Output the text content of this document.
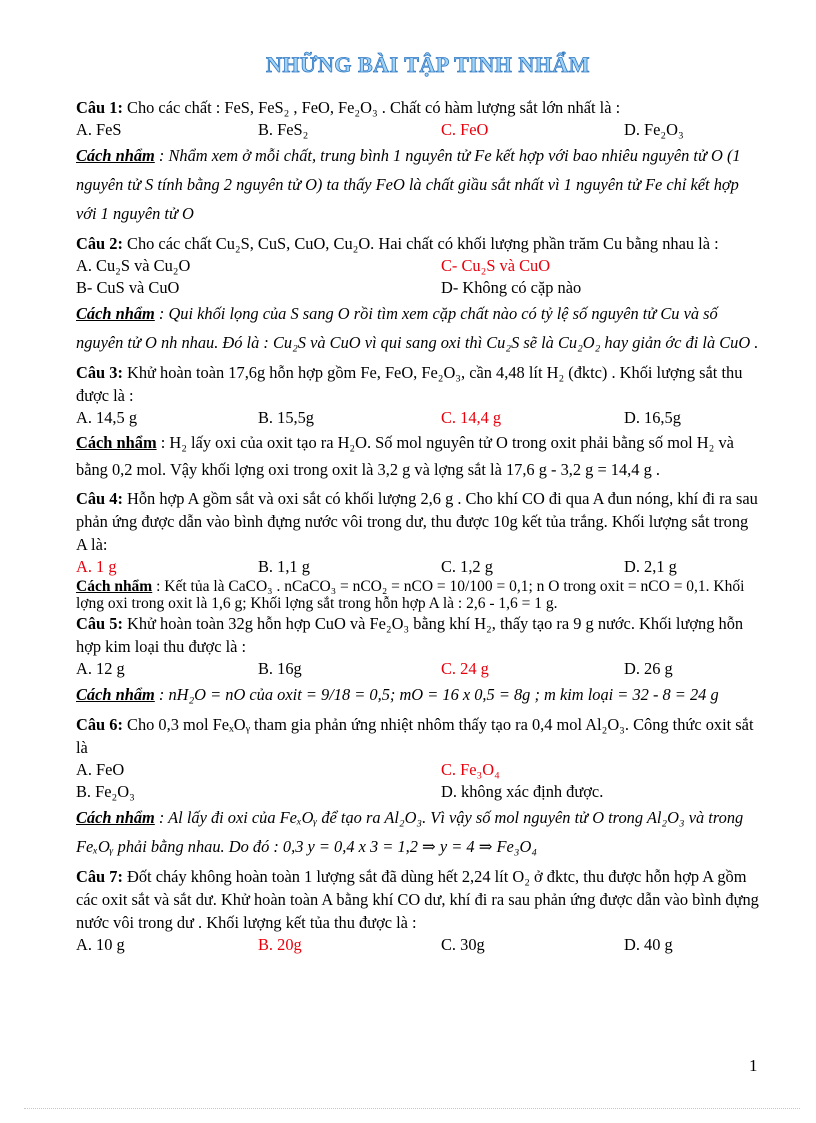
NHỮNG BÀI TẬP TINH NHẨM
Câu 1: Cho các chất : FeS, FeS₂ , FeO, Fe₂O₃ . Chất có hàm lượng sắt lớn nhất là :
A. FeS	B. FeS₂	C. FeO	D. Fe₂O₃
Cách nhẩm : Nhẩm xem ở mỗi chất, trung bình 1 nguyên tử Fe kết hợp với bao nhiêu nguyên tử O (1 nguyên tử S tính bằng 2 nguyên tử O) ta thấy FeO là chất giầu sắt nhất vì 1 nguyên tử Fe chỉ kết hợp với 1 nguyên tử O
Câu 2: Cho các chất Cu₂S, CuS, CuO, Cu₂O. Hai chất có khối lượng phần trăm Cu bằng nhau là :
A. Cu₂S và Cu₂O	C- Cu₂S và CuO
B- CuS và CuO	D- Không có cặp nào
Cách nhẩm : Qui khối lọng của S sang O rồi tìm xem cặp chất nào có tỷ lệ số nguyên tử Cu và số nguyên tử O nh nhau. Đó là : Cu₂S và CuO vì qui sang oxi thì Cu₂S sẽ là Cu₂O₂ hay giản ớc đi là CuO .
Câu 3: Khử hoàn toàn 17,6g hỗn hợp gồm Fe, FeO, Fe₂O₃, cần 4,48 lít H₂ (đktc) . Khối lượng sắt thu được là :
A. 14,5 g	B. 15,5g	C. 14,4 g	D. 16,5g
Cách nhẩm : H₂ lấy oxi của oxit tạo ra H₂O. Số mol nguyên tử O trong oxit phải bằng số mol H₂ và bằng 0,2 mol. Vậy khối lợng oxi trong oxit là 3,2 g và lợng sắt là 17,6 g - 3,2 g = 14,4 g .
Câu 4: Hỗn hợp A gồm sắt và oxi sắt có khối lượng 2,6 g . Cho khí CO đi qua A đun nóng, khí đi ra sau phản ứng được dẫn vào bình đựng nước vôi trong dư, thu được 10g kết tủa trắng. Khối lượng sắt trong A là:
A. 1 g	B. 1,1 g	C. 1,2 g	D. 2,1 g
Cách nhẩm : Kết tủa là CaCO₃ . nCaCO₃ = nCO₂ = nCO = 10/100 = 0,1; n O trong oxit = nCO = 0,1. Khối lợng oxi trong oxit là 1,6 g; Khối lợng sắt trong hỗn hợp A là : 2,6 - 1,6 = 1 g.
Câu 5: Khử hoàn toàn 32g hỗn hợp CuO và Fe₂O₃ bằng khí H₂, thấy tạo ra 9 g nước. Khối lượng hỗn hợp kim loại thu được là :
A. 12 g	B. 16g	C. 24 g	D. 26 g
Cách nhẩm : nH₂O = nO của oxit = 9/18 = 0,5; mO = 16 x 0,5 = 8g ; m kim loại = 32 - 8 = 24 g
Câu 6: Cho 0,3 mol FeₓOᵧ tham gia phản ứng nhiệt nhôm thấy tạo ra 0,4 mol Al₂O₃. Công thức oxit sắt là
A. FeO	C. Fe₃O₄
B. Fe₂O₃	D. không xác định được.
Cách nhẩm : Al lấy đi oxi của FeₓOᵧ để tạo ra Al₂O₃. Vì vậy số mol nguyên tử O trong Al₂O₃ và trong FeₓOᵧ phải bằng nhau. Do đó : 0,3 y = 0,4 x 3 = 1,2 ⇒ y = 4 ⇒ Fe₃O₄
Câu 7: Đốt cháy không hoàn toàn 1 lượng sắt đã dùng hết 2,24 lít O₂ ở đktc, thu được hỗn hợp A gồm các oxit sắt và sắt dư. Khử hoàn toàn A bằng khí CO dư, khí đi ra sau phản ứng được dẫn vào bình đựng nước vôi trong dư . Khối lượng kết tủa thu được là :
A. 10 g	B. 20g	C. 30g	D. 40 g
1
